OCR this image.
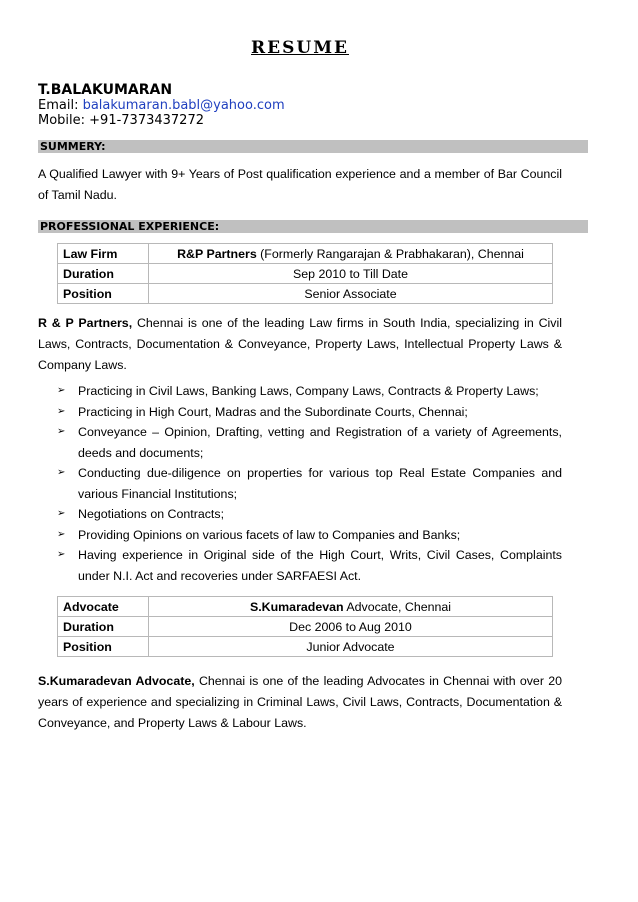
RESUME
T.BALAKUMARAN
Email: balakumaran.babl@yahoo.com
Mobile: +91-7373437272
SUMMERY:
A Qualified Lawyer with 9+ Years of Post qualification experience and a member of Bar Council of Tamil Nadu.
PROFESSIONAL EXPERIENCE:
Law Firm	R&P Partners (Formerly Rangarajan & Prabhakaran), Chennai
Duration	Sep 2010 to Till Date
Position	Senior Associate
R & P Partners, Chennai is one of the leading Law firms in South India, specializing in Civil Laws, Contracts, Documentation & Conveyance, Property Laws, Intellectual Property Laws & Company Laws.
➢ Practicing in Civil Laws, Banking Laws, Company Laws, Contracts & Property Laws;
➢ Practicing in High Court, Madras and the Subordinate Courts, Chennai;
➢ Conveyance – Opinion, Drafting, vetting and Registration of a variety of Agreements, deeds and documents;
➢ Conducting due-diligence on properties for various top Real Estate Companies and various Financial Institutions;
➢ Negotiations on Contracts;
➢ Providing Opinions on various facets of law to Companies and Banks;
➢ Having experience in Original side of the High Court, Writs, Civil Cases, Complaints under N.I. Act and recoveries under SARFAESI Act.
Advocate	S.Kumaradevan Advocate, Chennai
Duration	Dec 2006 to Aug 2010
Position	Junior Advocate
S.Kumaradevan Advocate, Chennai is one of the leading Advocates in Chennai with over 20 years of experience and specializing in Criminal Laws, Civil Laws, Contracts, Documentation & Conveyance, and Property Laws & Labour Laws.
